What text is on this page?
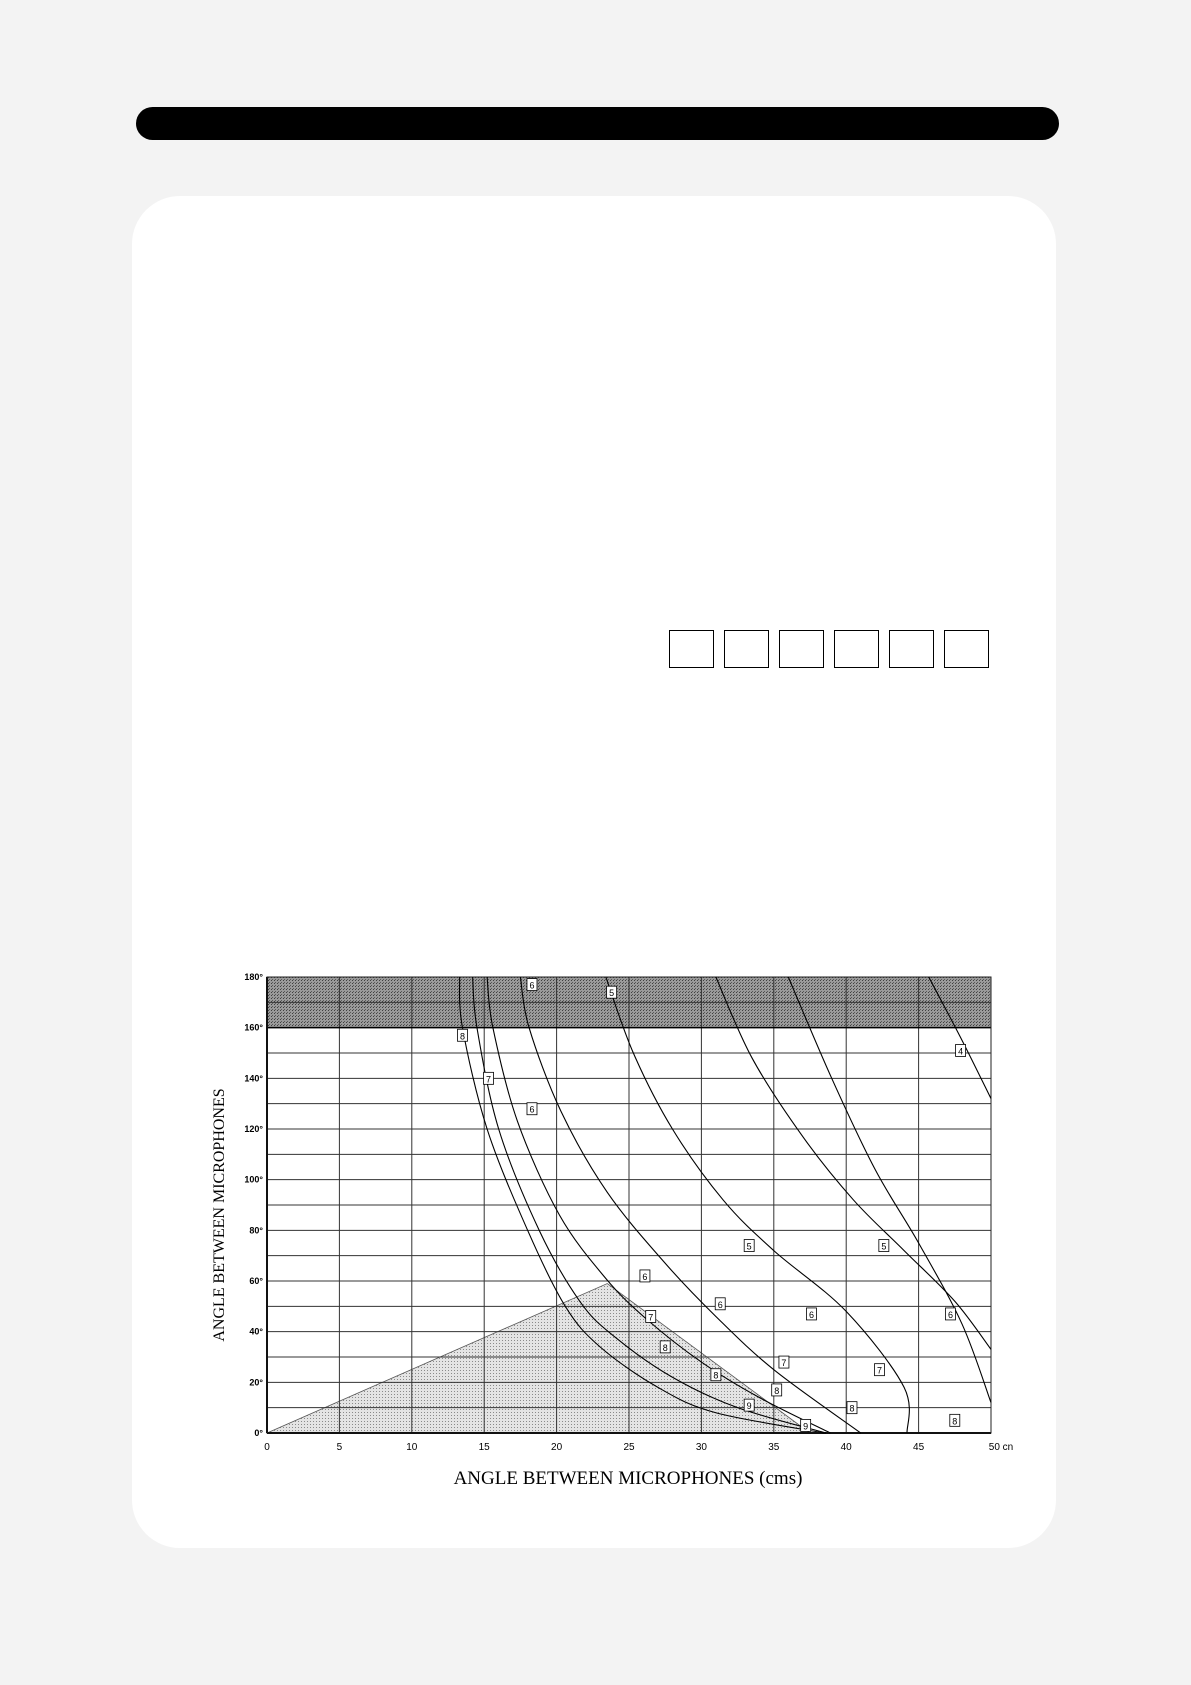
8
7
6
6
6
8
5
5
7
8
6
7
4
5
6
8
6
7
8
8
9
9
0	5	10	15	20	25	30	35	40	45	50 cn
0°
20°
40°
60°
80°
100°
120°
140°
160°
180°
ANGLE BETWEEN MICROPHONES
ANGLE BETWEEN MICROPHONES (cms)
